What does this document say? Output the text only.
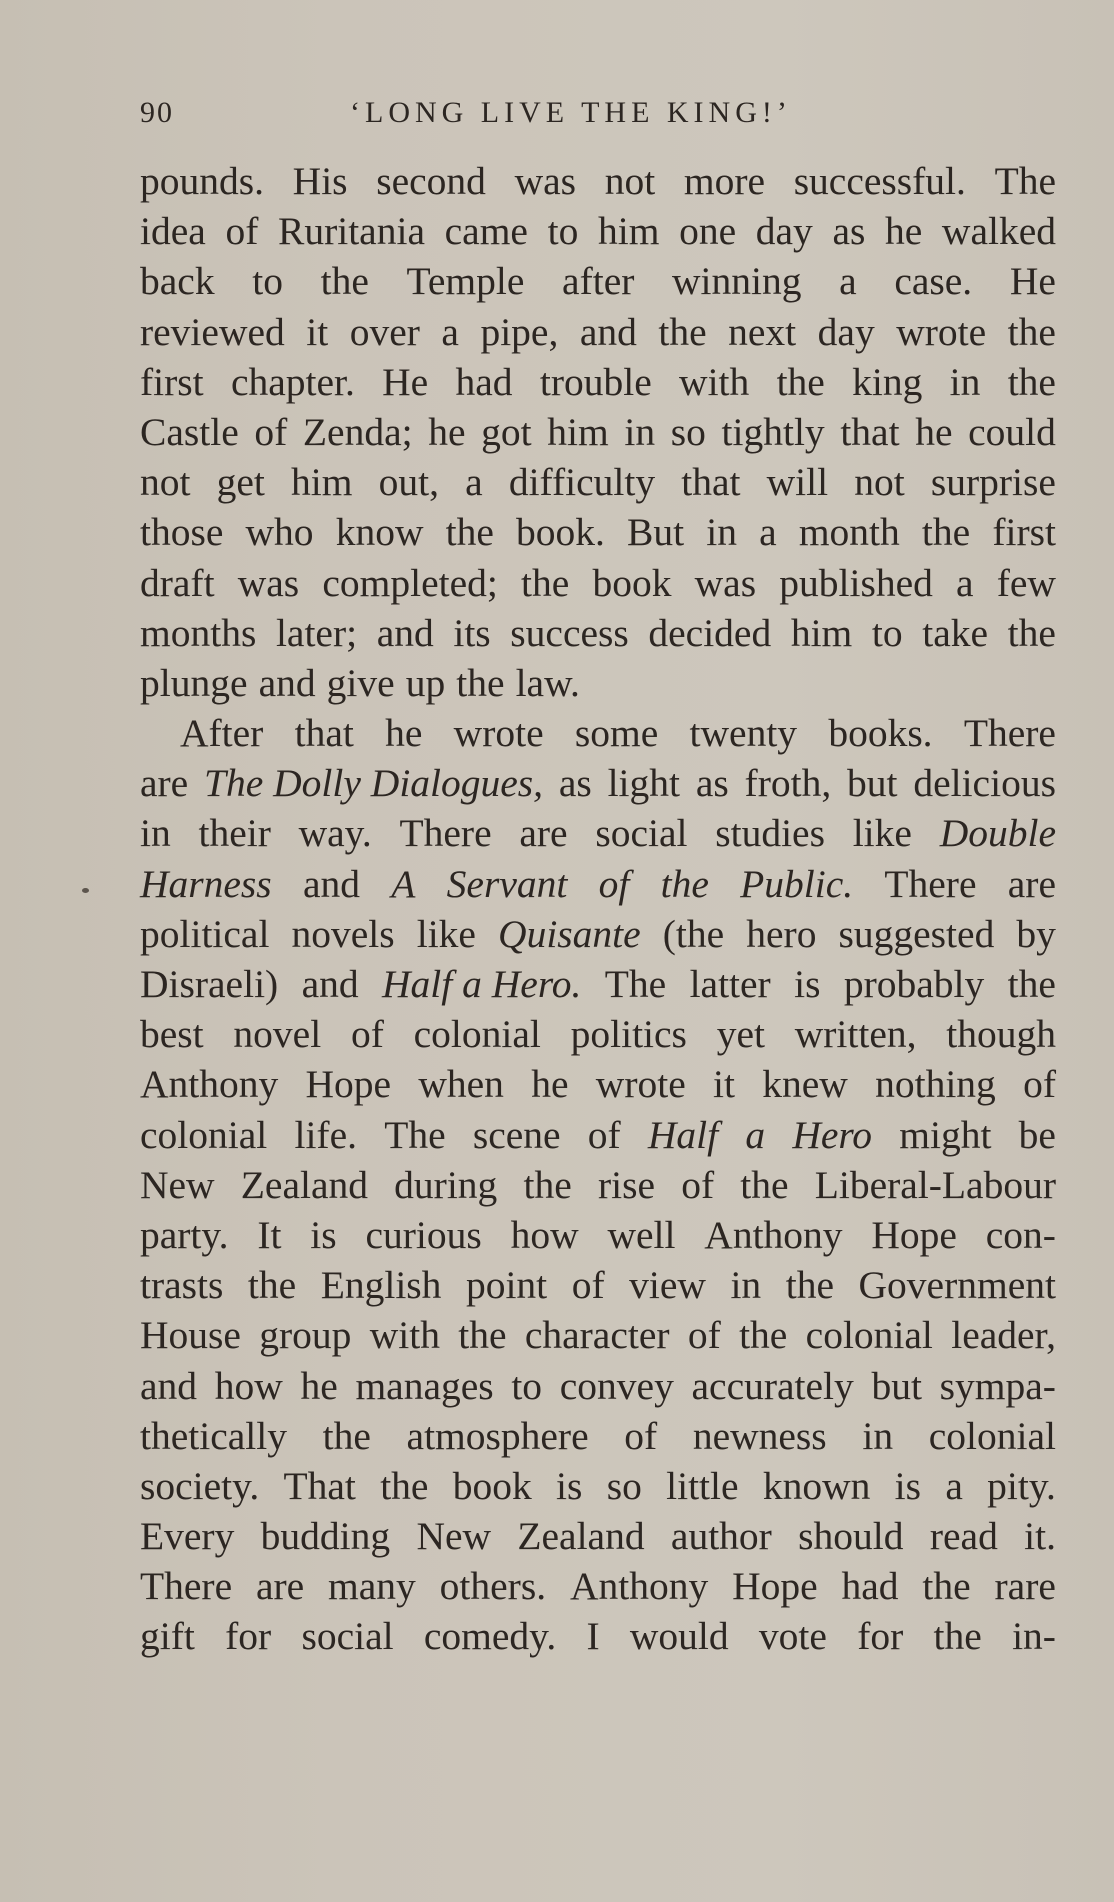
90	‘LONG LIVE THE KING!’
pounds. His second was not more successful. The
idea of Ruritania came to him one day as he walked
back to the Temple after winning a case. He
reviewed it over a pipe, and the next day wrote the
first chapter. He had trouble with the king in the
Castle of Zenda; he got him in so tightly that he could
not get him out, a difficulty that will not surprise
those who know the book. But in a month the first
draft was completed; the book was published a few
months later; and its success decided him to take the
plunge and give up the law.
After that he wrote some twenty books. There
are The Dolly Dialogues, as light as froth, but delicious
in their way. There are social studies like Double
Harness and A Servant of the Public. There are
political novels like Quisante (the hero suggested by
Disraeli) and Half a Hero. The latter is probably the
best novel of colonial politics yet written, though
Anthony Hope when he wrote it knew nothing of
colonial life. The scene of Half a Hero might be
New Zealand during the rise of the Liberal-Labour
party. It is curious how well Anthony Hope con-
trasts the English point of view in the Government
House group with the character of the colonial leader,
and how he manages to convey accurately but sympa-
thetically the atmosphere of newness in colonial
society. That the book is so little known is a pity.
Every budding New Zealand author should read it.
There are many others. Anthony Hope had the rare
gift for social comedy. I would vote for the in-
